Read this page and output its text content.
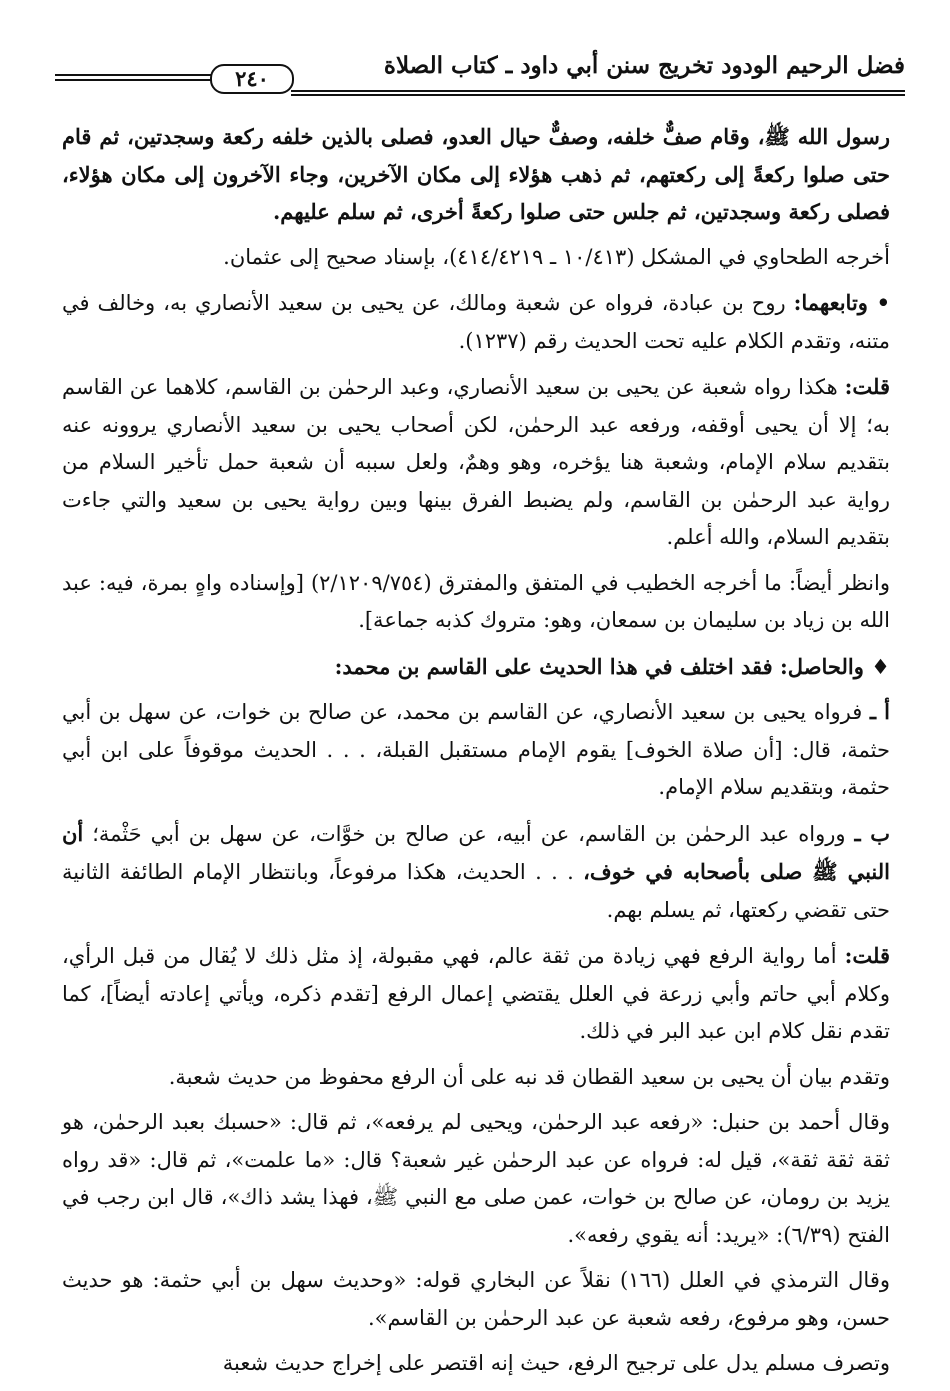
فضل الرحيم الودود تخريج سنن أبي داود ـ كتاب الصلاة
٢٤٠

رسول الله ﷺ، وقام صفٌّ خلفه، وصفٌّ حيال العدو، فصلى بالذين خلفه ركعة وسجدتين، ثم قام حتى صلوا ركعةً إلى ركعتهم، ثم ذهب هؤلاء إلى مكان الآخرين، وجاء الآخرون إلى مكان هؤلاء، فصلى ركعة وسجدتين، ثم جلس حتى صلوا ركعةً أخرى، ثم سلم عليهم.

أخرجه الطحاوي في المشكل (١٠/٤١٣ ـ ٤١٤/٤٢١٩)، بإسناد صحيح إلى عثمان.

• وتابعهما: روح بن عبادة، فرواه عن شعبة ومالك، عن يحيى بن سعيد الأنصاري به، وخالف في متنه، وتقدم الكلام عليه تحت الحديث رقم (١٢٣٧).

قلت: هكذا رواه شعبة عن يحيى بن سعيد الأنصاري، وعبد الرحمٰن بن القاسم، كلاهما عن القاسم به؛ إلا أن يحيى أوقفه، ورفعه عبد الرحمٰن، لكن أصحاب يحيى بن سعيد الأنصاري يروونه عنه بتقديم سلام الإمام، وشعبة هنا يؤخره، وهو وهمٌ، ولعل سببه أن شعبة حمل تأخير السلام من رواية عبد الرحمٰن بن القاسم، ولم يضبط الفرق بينها وبين رواية يحيى بن سعيد والتي جاءت بتقديم السلام، والله أعلم.

وانظر أيضاً: ما أخرجه الخطيب في المتفق والمفترق (٢/١٢٠٩/٧٥٤) [وإسناده واهٍ بمرة، فيه: عبد الله بن زياد بن سليمان بن سمعان، وهو: متروك كذبه جماعة].

♦ والحاصل: فقد اختلف في هذا الحديث على القاسم بن محمد:

أ ـ فرواه يحيى بن سعيد الأنصاري، عن القاسم بن محمد، عن صالح بن خوات، عن سهل بن أبي حثمة، قال: [أن صلاة الخوف] يقوم الإمام مستقبل القبلة، . . . الحديث موقوفاً على ابن أبي حثمة، وبتقديم سلام الإمام.

ب ـ ورواه عبد الرحمٰن بن القاسم، عن أبيه، عن صالح بن خوَّات، عن سهل بن أبي حَثْمة؛ أن النبي ﷺ صلى بأصحابه في خوف، . . . الحديث، هكذا مرفوعاً، وبانتظار الإمام الطائفة الثانية حتى تقضي ركعتها، ثم يسلم بهم.

قلت: أما رواية الرفع فهي زيادة من ثقة عالم، فهي مقبولة، إذ مثل ذلك لا يُقال من قبل الرأي، وكلام أبي حاتم وأبي زرعة في العلل يقتضي إعمال الرفع [تقدم ذكره، ويأتي إعادته أيضاً]، كما تقدم نقل كلام ابن عبد البر في ذلك.

وتقدم بيان أن يحيى بن سعيد القطان قد نبه على أن الرفع محفوظ من حديث شعبة.

وقال أحمد بن حنبل: «رفعه عبد الرحمٰن، ويحيى لم يرفعه»، ثم قال: «حسبك بعبد الرحمٰن، هو ثقة ثقة ثقة»، قيل له: فرواه عن عبد الرحمٰن غير شعبة؟ قال: «ما علمت»، ثم قال: «قد رواه يزيد بن رومان، عن صالح بن خوات، عمن صلى مع النبي ﷺ، فهذا يشد ذاك»، قال ابن رجب في الفتح (٦/٣٩): «يريد: أنه يقوي رفعه».

وقال الترمذي في العلل (١٦٦) نقلاً عن البخاري قوله: «وحديث سهل بن أبي حثمة: هو حديث حسن، وهو مرفوع، رفعه شعبة عن عبد الرحمٰن بن القاسم».

وتصرف مسلم يدل على ترجيح الرفع، حيث إنه اقتصر على إخراج حديث شعبة
